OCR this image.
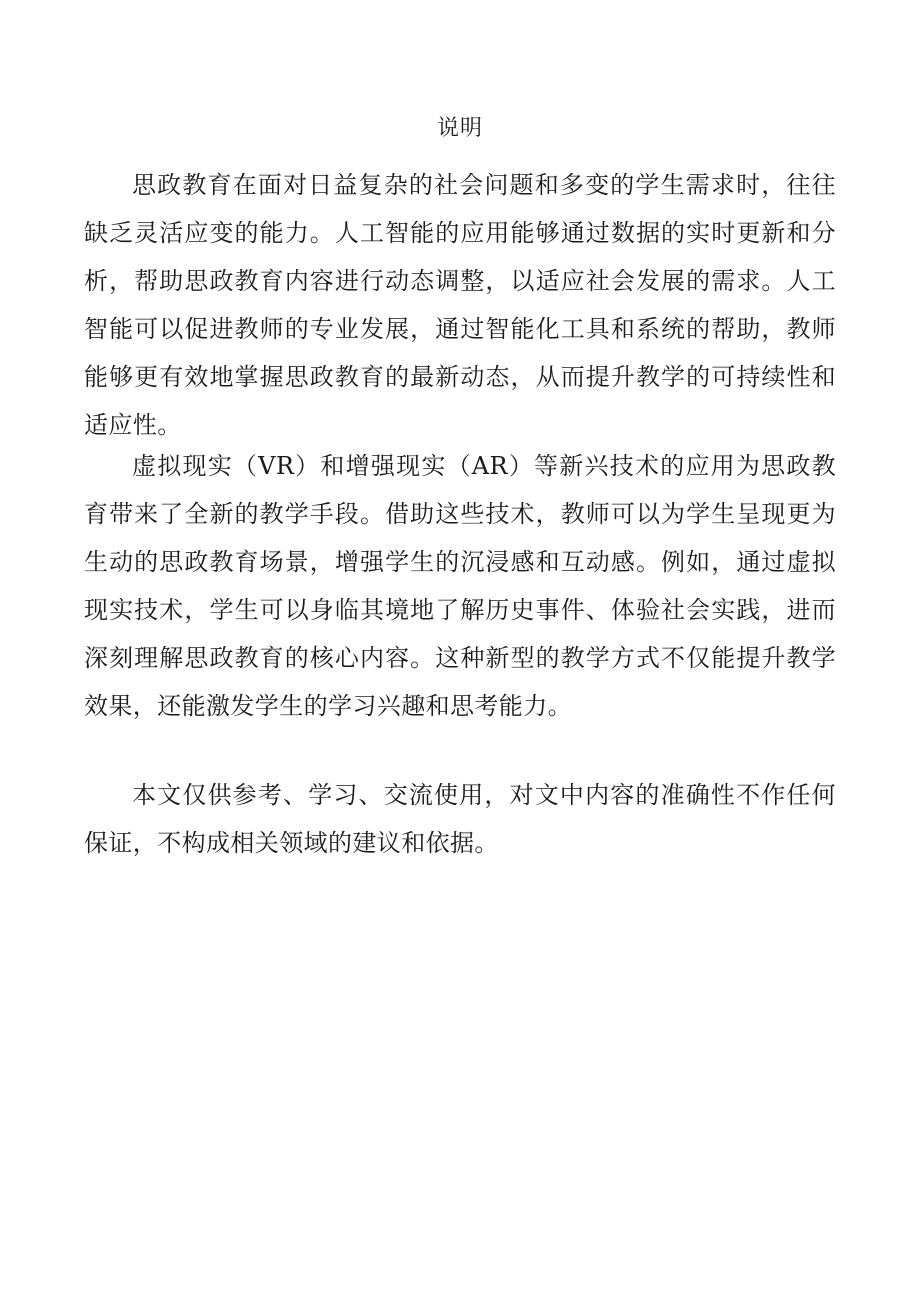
说明

思政教育在面对日益复杂的社会问题和多变的学生需求时，往往缺乏灵活应变的能力。人工智能的应用能够通过数据的实时更新和分析，帮助思政教育内容进行动态调整，以适应社会发展的需求。人工智能可以促进教师的专业发展，通过智能化工具和系统的帮助，教师能够更有效地掌握思政教育的最新动态，从而提升教学的可持续性和适应性。

虚拟现实（VR）和增强现实（AR）等新兴技术的应用为思政教育带来了全新的教学手段。借助这些技术，教师可以为学生呈现更为生动的思政教育场景，增强学生的沉浸感和互动感。例如，通过虚拟现实技术，学生可以身临其境地了解历史事件、体验社会实践，进而深刻理解思政教育的核心内容。这种新型的教学方式不仅能提升教学效果，还能激发学生的学习兴趣和思考能力。

本文仅供参考、学习、交流使用，对文中内容的准确性不作任何保证，不构成相关领域的建议和依据。
